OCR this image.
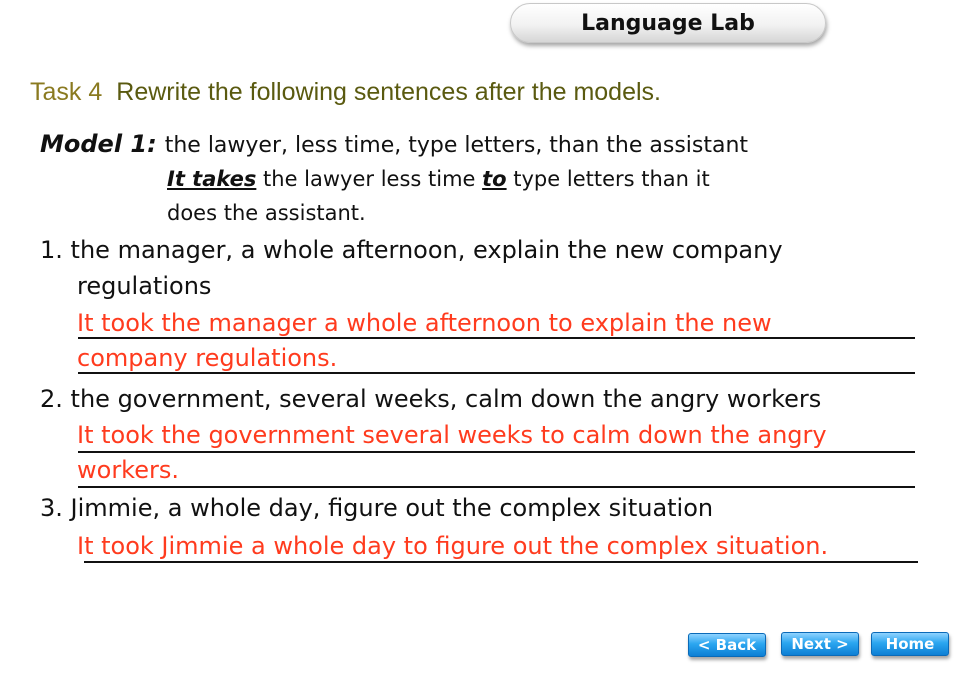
Language Lab
Task 4 Rewrite the following sentences after the models.
Model 1: the lawyer, less time, type letters, than the assistant
It takes the lawyer less time to type letters than it
does the assistant.
1. the manager, a whole afternoon, explain the new company
regulations
It took the manager a whole afternoon to explain the new
company regulations.
2. the government, several weeks, calm down the angry workers
It took the government several weeks to calm down the angry
workers.
3. Jimmie, a whole day, figure out the complex situation
It took Jimmie a whole day to figure out the complex situation.
< Back	Next >	Home
